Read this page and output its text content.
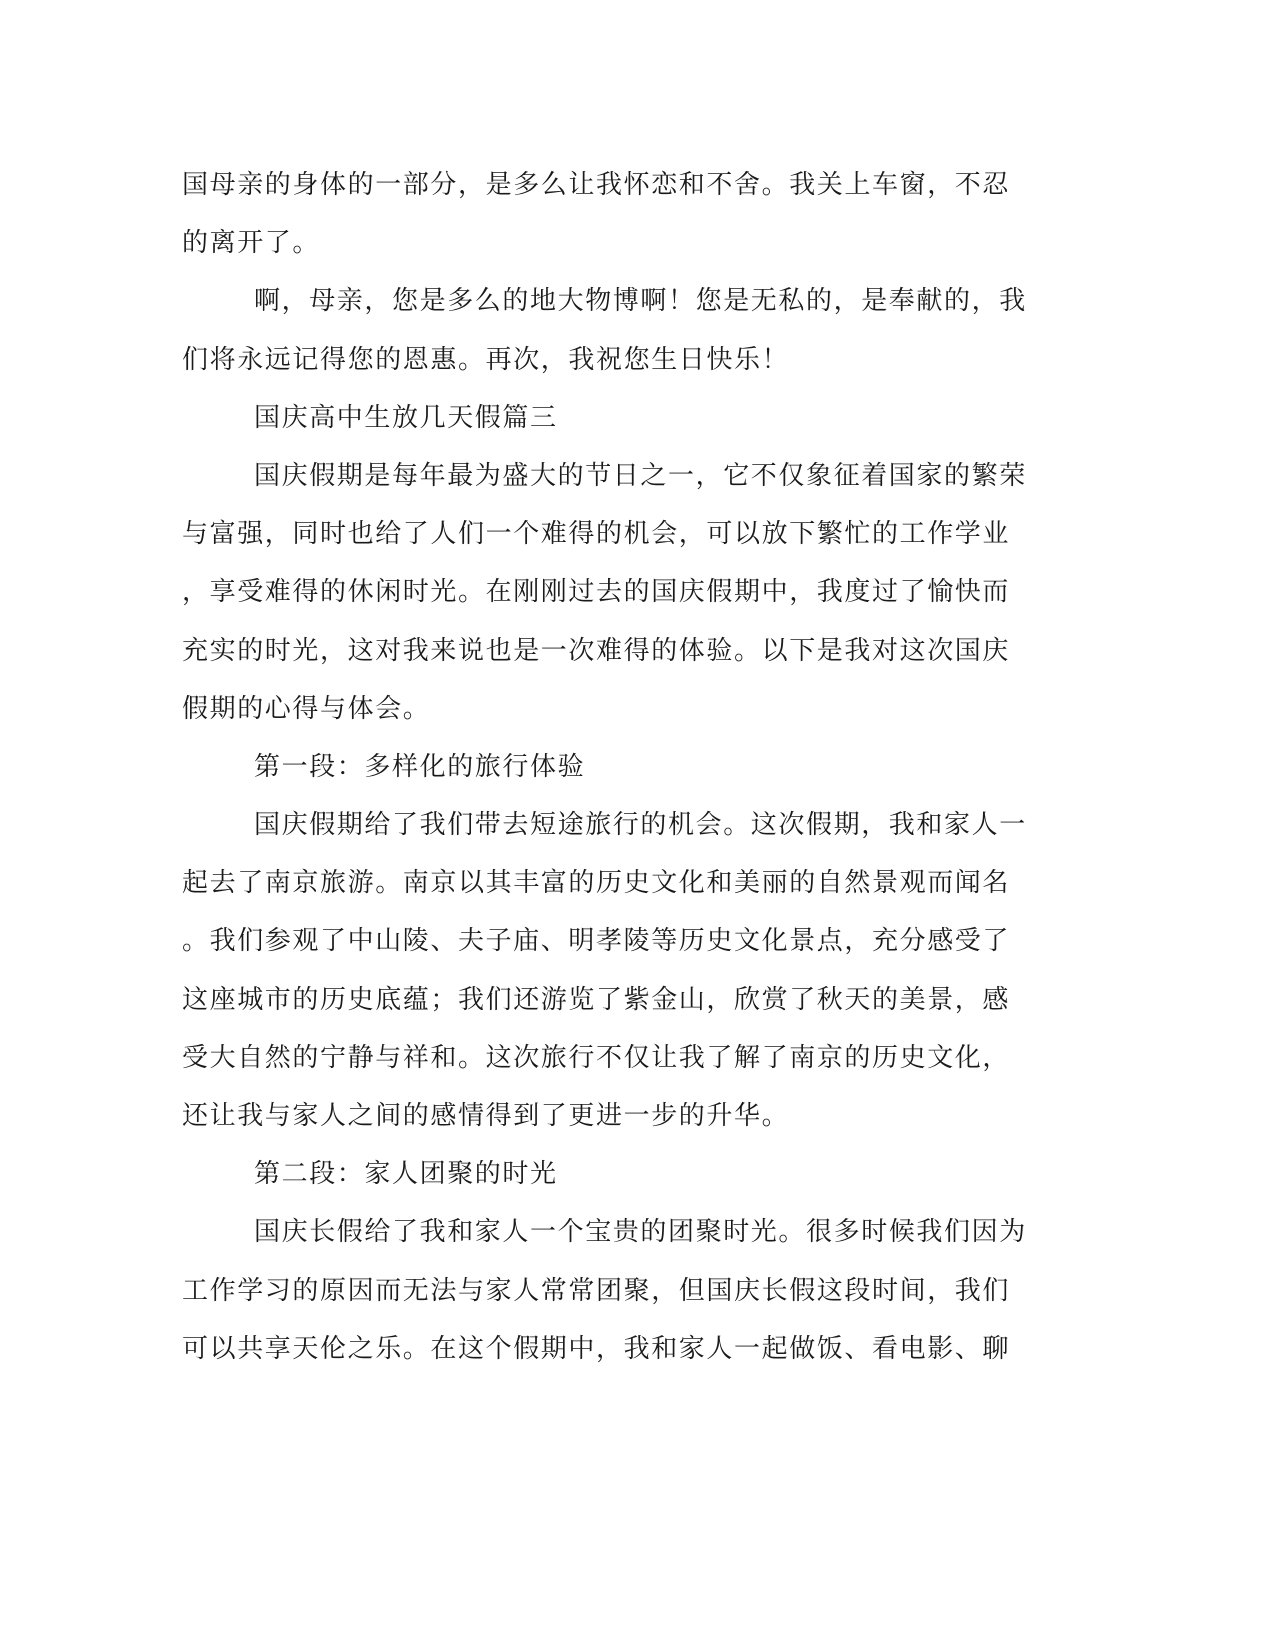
国母亲的身体的一部分，是多么让我怀恋和不舍。我关上车窗，不忍
的离开了。
啊，母亲，您是多么的地大物博啊！您是无私的，是奉献的，我
们将永远记得您的恩惠。再次，我祝您生日快乐！
国庆高中生放几天假篇三
国庆假期是每年最为盛大的节日之一，它不仅象征着国家的繁荣
与富强，同时也给了人们一个难得的机会，可以放下繁忙的工作学业
，享受难得的休闲时光。在刚刚过去的国庆假期中，我度过了愉快而
充实的时光，这对我来说也是一次难得的体验。以下是我对这次国庆
假期的心得与体会。
第一段：多样化的旅行体验
国庆假期给了我们带去短途旅行的机会。这次假期，我和家人一
起去了南京旅游。南京以其丰富的历史文化和美丽的自然景观而闻名
。我们参观了中山陵、夫子庙、明孝陵等历史文化景点，充分感受了
这座城市的历史底蕴；我们还游览了紫金山，欣赏了秋天的美景，感
受大自然的宁静与祥和。这次旅行不仅让我了解了南京的历史文化，
还让我与家人之间的感情得到了更进一步的升华。
第二段：家人团聚的时光
国庆长假给了我和家人一个宝贵的团聚时光。很多时候我们因为
工作学习的原因而无法与家人常常团聚，但国庆长假这段时间，我们
可以共享天伦之乐。在这个假期中，我和家人一起做饭、看电影、聊
